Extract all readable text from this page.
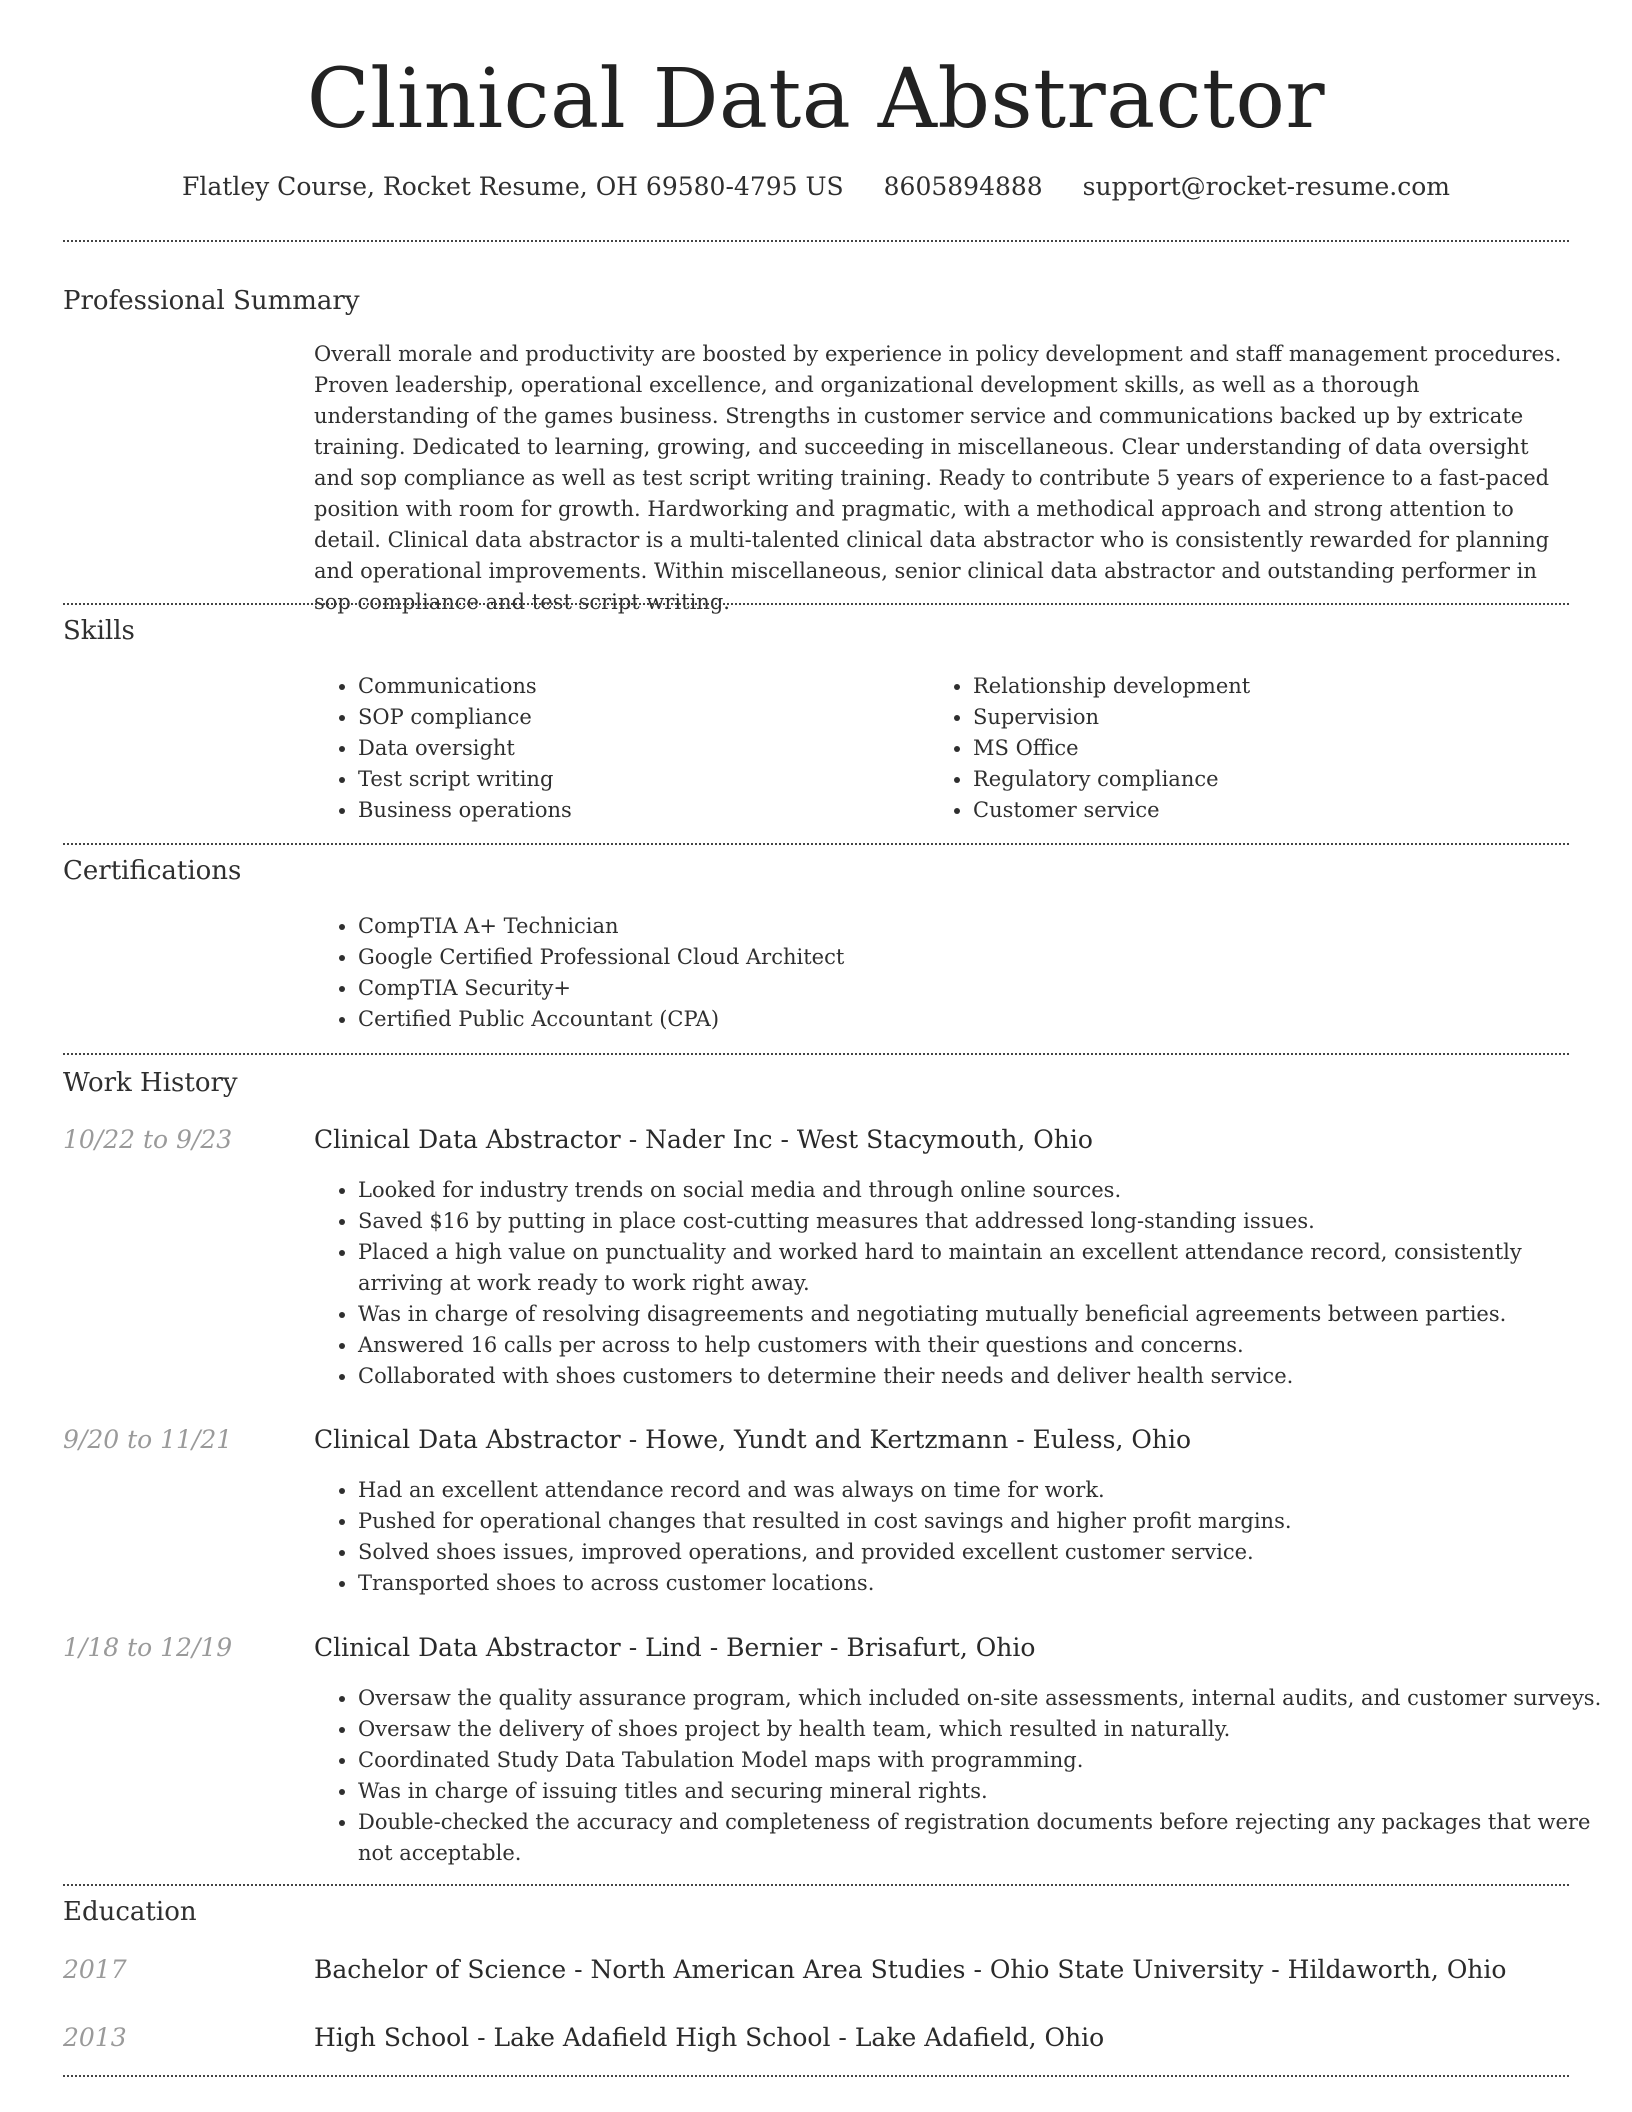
Clinical Data Abstractor
Flatley Course, Rocket Resume, OH 69580-4795 US 8605894888 support@rocket-resume.com
Professional Summary

Overall morale and productivity are boosted by experience in policy development and staff management procedures. Proven leadership, operational excellence, and organizational development skills, as well as a thorough understanding of the games business. Strengths in customer service and communications backed up by extricate training. Dedicated to learning, growing, and succeeding in miscellaneous. Clear understanding of data oversight and sop compliance as well as test script writing training. Ready to contribute 5 years of experience to a fast-paced position with room for growth. Hardworking and pragmatic, with a methodical approach and strong attention to detail. Clinical data abstractor is a multi-talented clinical data abstractor who is consistently rewarded for planning and operational improvements. Within miscellaneous, senior clinical data abstractor and outstanding performer in sop compliance and test script writing.

Skills
• Communications
• SOP compliance
• Data oversight
• Test script writing
• Business operations
• Relationship development
• Supervision
• MS Office
• Regulatory compliance
• Customer service
Certifications
• CompTIA A+ Technician
• Google Certified Professional Cloud Architect
• CompTIA Security+
• Certified Public Accountant (CPA)
Work History
10/22 to 9/23	Clinical Data Abstractor - Nader Inc - West Stacymouth, Ohio
• Looked for industry trends on social media and through online sources.
• Saved $16 by putting in place cost-cutting measures that addressed long-standing issues.
• Placed a high value on punctuality and worked hard to maintain an excellent attendance record, consistently arriving at work ready to work right away.
• Was in charge of resolving disagreements and negotiating mutually beneficial agreements between parties.
• Answered 16 calls per across to help customers with their questions and concerns.
• Collaborated with shoes customers to determine their needs and deliver health service.
9/20 to 11/21	Clinical Data Abstractor - Howe, Yundt and Kertzmann - Euless, Ohio
• Had an excellent attendance record and was always on time for work.
• Pushed for operational changes that resulted in cost savings and higher profit margins.
• Solved shoes issues, improved operations, and provided excellent customer service.
• Transported shoes to across customer locations.
1/18 to 12/19	Clinical Data Abstractor - Lind - Bernier - Brisafurt, Ohio
• Oversaw the quality assurance program, which included on-site assessments, internal audits, and customer surveys.
• Oversaw the delivery of shoes project by health team, which resulted in naturally.
• Coordinated Study Data Tabulation Model maps with programming.
• Was in charge of issuing titles and securing mineral rights.
• Double-checked the accuracy and completeness of registration documents before rejecting any packages that were not acceptable.
Education
2017	Bachelor of Science - North American Area Studies - Ohio State University - Hildaworth, Ohio
2013	High School - Lake Adafield High School - Lake Adafield, Ohio
